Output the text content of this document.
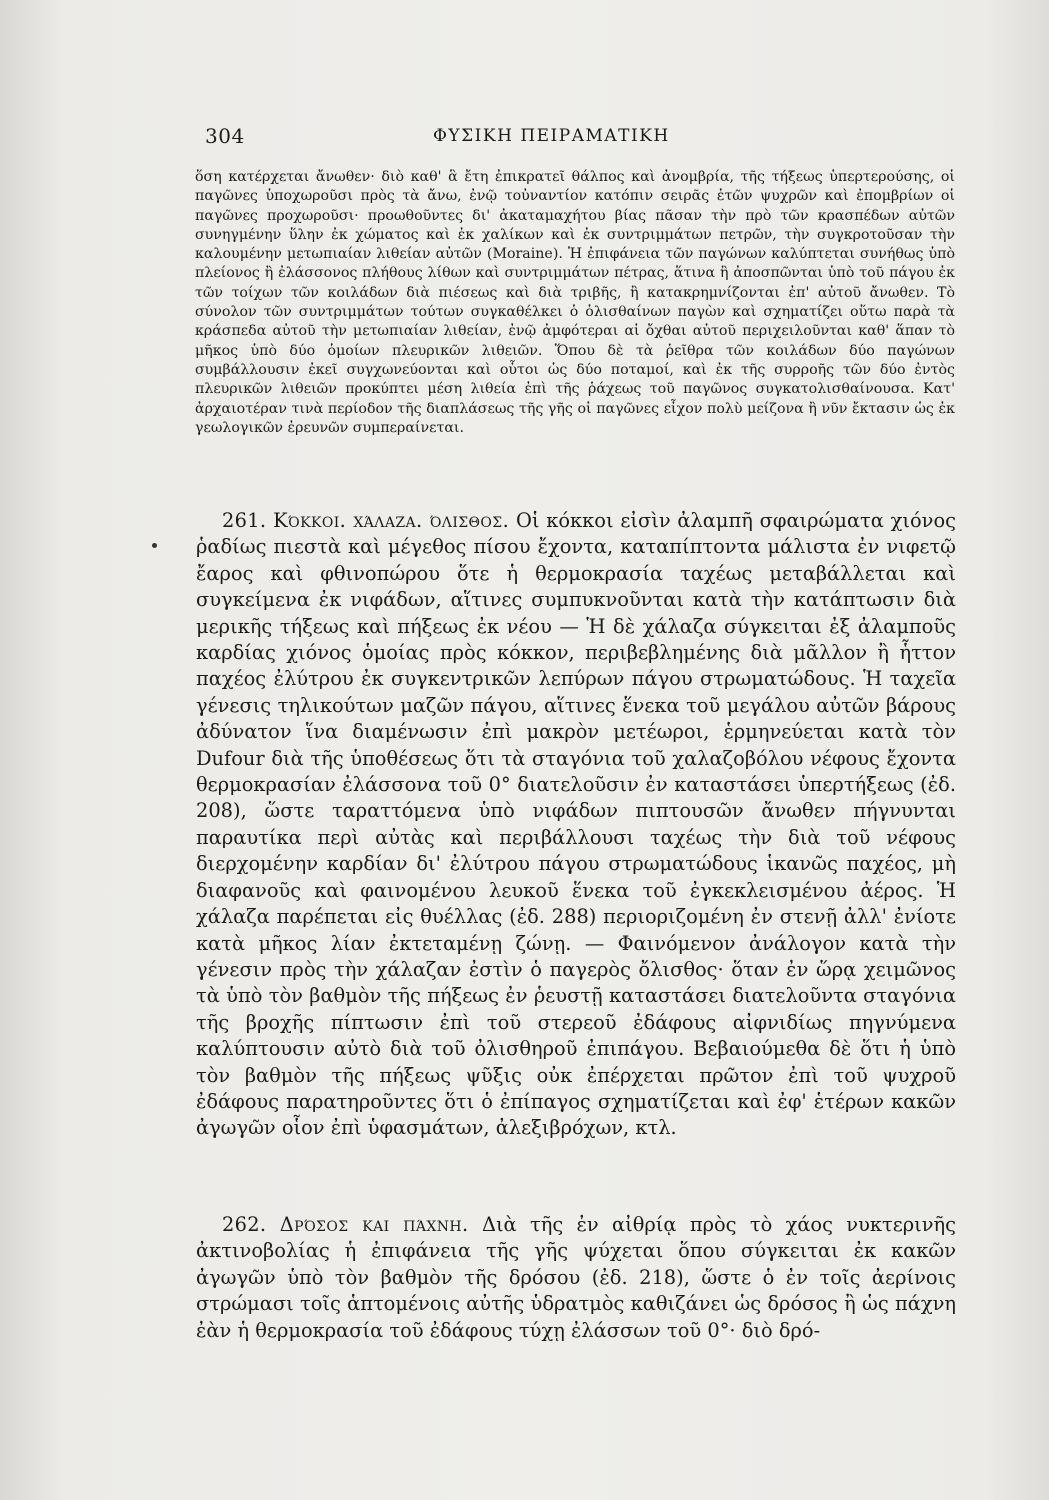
304	ΦΥΣΙΚΗ ΠΕΙΡΑΜΑΤΙΚΗ

ὅση κατέρχεται ἄνωθεν· διὸ καθ' ἃ ἔτη ἐπικρατεῖ θάλπος καὶ ἀνομβρία, τῆς τήξεως ὑπερτερούσης, οἱ παγῶνες ὑποχωροῦσι πρὸς τὰ ἄνω, ἐνῷ τοὐναντίον κατόπιν σειρᾶς ἐτῶν ψυχρῶν καὶ ἐπομβρίων οἱ παγῶνες προχωροῦσι· προωθοῦντες δι' ἀκαταμαχήτου βίας πᾶσαν τὴν πρὸ τῶν κρασπέδων αὐτῶν συνηγμένην ὕλην ἐκ χώματος καὶ ἐκ χαλίκων καὶ ἐκ συντριμμάτων πετρῶν, τὴν συγκροτοῦσαν τὴν καλουμένην μετωπιαίαν λιθείαν αὐτῶν (Moraine). Ἡ ἐπιφάνεια τῶν παγώνων καλύπτεται συνήθως ὑπὸ πλείονος ἢ ἐλάσσονος πλήθους λίθων καὶ συντριμμάτων πέτρας, ἅτινα ἢ ἀποσπῶνται ὑπὸ τοῦ πάγου ἐκ τῶν τοίχων τῶν κοιλάδων διὰ πιέσεως καὶ διὰ τριβῆς, ἢ κατακρημνίζονται ἐπ' αὐτοῦ ἄνωθεν. Τὸ σύνολον τῶν συντριμμάτων τούτων συγκαθέλκει ὁ ὀλισθαίνων παγὼν καὶ σχηματίζει οὕτω παρὰ τὰ κράσπεδα αὐτοῦ τὴν μετωπιαίαν λιθείαν, ἐνῷ ἀμφότεραι αἱ ὄχθαι αὐτοῦ περιχειλοῦνται καθ' ἅπαν τὸ μῆκος ὑπὸ δύο ὁμοίων πλευρικῶν λιθειῶν. Ὅπου δὲ τὰ ῥεῖθρα τῶν κοιλάδων δύο παγώνων συμβάλλουσιν ἐκεῖ συγχωνεύονται καὶ οὗτοι ὡς δύο ποταμοί, καὶ ἐκ τῆς συρροῆς τῶν δύο ἐντὸς πλευρικῶν λιθειῶν προκύπτει μέση λιθεία ἐπὶ τῆς ῥάχεως τοῦ παγῶνος συγκατολισθαίνουσα. Κατ' ἀρχαιοτέραν τινὰ περίοδον τῆς διαπλάσεως τῆς γῆς οἱ παγῶνες εἶχον πολὺ μείζονα ἢ νῦν ἔκτασιν ὡς ἐκ γεωλογικῶν ἐρευνῶν συμπεραίνεται.

261. Κόκκοι. χάλαζα. όλισθος. Οἱ κόκκοι εἰσὶν ἀλαμπῆ σφαιρώματα χιόνος ῥαδίως πιεστὰ καὶ μέγεθος πίσου ἔχοντα, καταπίπτοντα μάλιστα ἐν νιφετῷ ἔαρος καὶ φθινοπώρου ὅτε ἡ θερμοκρασία ταχέως μεταβάλλεται καὶ συγκείμενα ἐκ νιφάδων, αἵτινες συμπυκνοῦνται κατὰ τὴν κατάπτωσιν διὰ μερικῆς τήξεως καὶ πήξεως ἐκ νέου — Ἡ δὲ χάλαζα σύγκειται ἐξ ἀλαμποῦς καρδίας χιόνος ὁμοίας πρὸς κόκκον, περιβεβλημένης διὰ μᾶλλον ἢ ἧττον παχέος ἐλύτρου ἐκ συγκεντρικῶν λεπύρων πάγου στρωματώδους. Ἡ ταχεῖα γένεσις τηλικούτων μαζῶν πάγου, αἵτινες ἕνεκα τοῦ μεγάλου αὐτῶν βάρους ἀδύνατον ἵνα διαμένωσιν ἐπὶ μακρὸν μετέωροι, ἑρμηνεύεται κατὰ τὸν Dufour διὰ τῆς ὑποθέσεως ὅτι τὰ σταγόνια τοῦ χαλαζοβόλου νέφους ἔχοντα θερμοκρασίαν ἐλάσσονα τοῦ 0° διατελοῦσιν ἐν καταστάσει ὑπερτήξεως (ἐδ. 208), ὥστε ταραττόμενα ὑπὸ νιφάδων πιπτουσῶν ἄνωθεν πήγνυνται παραυτίκα περὶ αὐτὰς καὶ περιβάλλουσι ταχέως τὴν διὰ τοῦ νέφους διερχομένην καρδίαν δι' ἐλύτρου πάγου στρωματώδους ἱκανῶς παχέος, μὴ διαφανοῦς καὶ φαινομένου λευκοῦ ἕνεκα τοῦ ἐγκεκλεισμένου ἀέρος. Ἡ χάλαζα παρέπεται εἰς θυέλλας (ἐδ. 288) περιοριζομένη ἐν στενῇ ἀλλ' ἐνίοτε κατὰ μῆκος λίαν ἐκτεταμένῃ ζώνῃ. — Φαινόμενον ἀνάλογον κατὰ τὴν γένεσιν πρὸς τὴν χάλαζαν ἐστὶν ὁ παγερὸς ὄλισθος· ὅταν ἐν ὥρᾳ χειμῶνος τὰ ὑπὸ τὸν βαθμὸν τῆς πήξεως ἐν ῥευστῇ καταστάσει διατελοῦντα σταγόνια τῆς βροχῆς πίπτωσιν ἐπὶ τοῦ στερεοῦ ἐδάφους αἰφνιδίως πηγνύμενα καλύπτουσιν αὐτὸ διὰ τοῦ ὀλισθηροῦ ἐπιπάγου. Βεβαιούμεθα δὲ ὅτι ἡ ὑπὸ τὸν βαθμὸν τῆς πήξεως ψῦξις οὐκ ἐπέρχεται πρῶτον ἐπὶ τοῦ ψυχροῦ ἐδάφους παρατηροῦντες ὅτι ὁ ἐπίπαγος σχηματίζεται καὶ ἐφ' ἑτέρων κακῶν ἀγωγῶν οἷον ἐπὶ ὑφασμάτων, ἀλεξιβρόχων, κτλ.

262. Δρόσος και πάχνη. Διὰ τῆς ἐν αἰθρίᾳ πρὸς τὸ χάος νυκτερινῆς ἀκτινοβολίας ἡ ἐπιφάνεια τῆς γῆς ψύχεται ὅπου σύγκειται ἐκ κακῶν ἀγωγῶν ὑπὸ τὸν βαθμὸν τῆς δρόσου (ἐδ. 218), ὥστε ὁ ἐν τοῖς ἀερίνοις στρώμασι τοῖς ἁπτομένοις αὐτῆς ὑδρατμὸς καθιζάνει ὡς δρόσος ἢ ὡς πάχνη ἐὰν ἡ θερμοκρασία τοῦ ἐδάφους τύχῃ ἐλάσσων τοῦ 0°· διὸ δρό-
